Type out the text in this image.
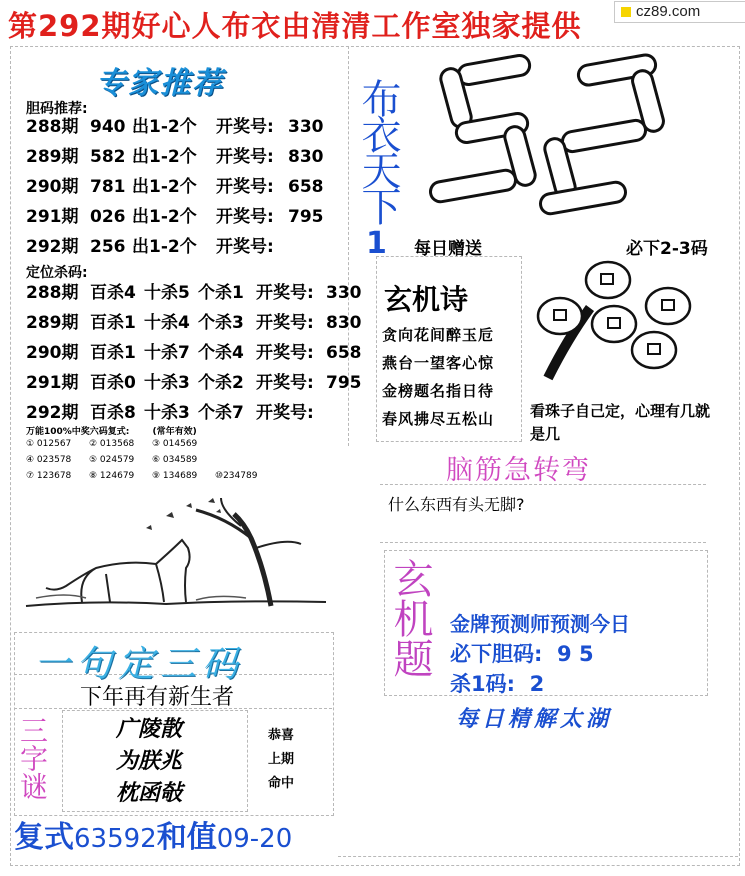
第292期好心人布衣由清清工作室独家提供	cz89.com
专家推荐
胆码推荐:
288期 940 出1-2个 开奖号: 330
289期 582 出1-2个 开奖号: 830
290期 781 出1-2个 开奖号: 658
291期 026 出1-2个 开奖号: 795
292期 256 出1-2个 开奖号:
定位杀码:
288期 百杀4 十杀5 个杀1 开奖号: 330
289期 百杀1 十杀4 个杀3 开奖号: 830
290期 百杀1 十杀7 个杀4 开奖号: 658
291期 百杀0 十杀3 个杀2 开奖号: 795
292期 百杀8 十杀3 个杀7 开奖号:
万能100%中奖六码复式:	(常年有效)
① 012567 ② 013568 ③ 014569
④ 023578 ⑤ 024579 ⑥ 034589
⑦ 123678 ⑧ 124679 ⑨ 134689 ⑩234789
布衣天下
1 每日赠送	必下2-3码
玄机诗
贪向花间醉玉卮
燕台一望客心惊
金榜题名指日待
春风拂尽五松山 看珠子自己定，心理有几就是几
脑筋急转弯
什么东西有头无脚?
玄机题 金牌预测师预测今日
必下胆码:  9 5
杀1码:  2
每日精解太湖
一句定三码
下年再有新生者
三字谜	广陵散
为朕兆
枕函敧
恭喜
上期
命中
复式63592和值09-20
